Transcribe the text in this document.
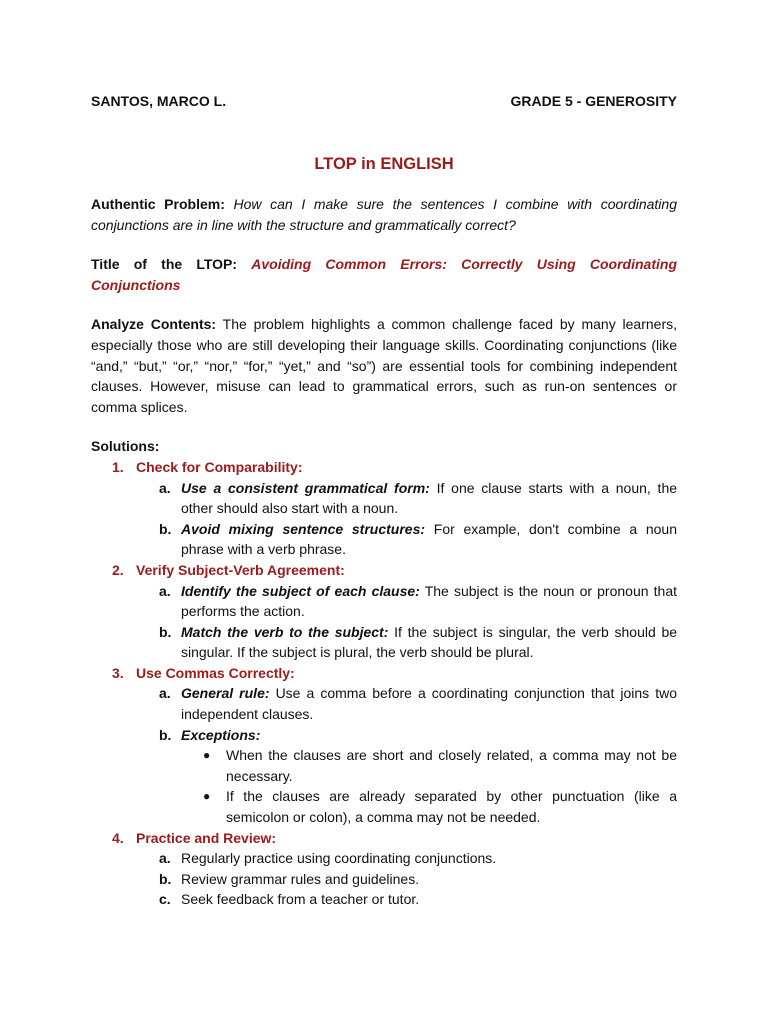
SANTOS, MARCO L.	GRADE 5 - GENEROSITY
LTOP in ENGLISH
Authentic Problem: How can I make sure the sentences I combine with coordinating conjunctions are in line with the structure and grammatically correct?
Title of the LTOP: Avoiding Common Errors: Correctly Using Coordinating Conjunctions
Analyze Contents: The problem highlights a common challenge faced by many learners, especially those who are still developing their language skills. Coordinating conjunctions (like “and,” “but,” “or,” “nor,” “for,” “yet,” and “so”) are essential tools for combining independent clauses. However, misuse can lead to grammatical errors, such as run-on sentences or comma splices.
Solutions:
1. Check for Comparability:
a. Use a consistent grammatical form: If one clause starts with a noun, the other should also start with a noun.
b. Avoid mixing sentence structures: For example, don't combine a noun phrase with a verb phrase.
2. Verify Subject-Verb Agreement:
a. Identify the subject of each clause: The subject is the noun or pronoun that performs the action.
b. Match the verb to the subject: If the subject is singular, the verb should be singular. If the subject is plural, the verb should be plural.
3. Use Commas Correctly:
a. General rule: Use a comma before a coordinating conjunction that joins two independent clauses.
b. Exceptions:
● When the clauses are short and closely related, a comma may not be necessary.
● If the clauses are already separated by other punctuation (like a semicolon or colon), a comma may not be needed.
4. Practice and Review:
a. Regularly practice using coordinating conjunctions.
b. Review grammar rules and guidelines.
c. Seek feedback from a teacher or tutor.
